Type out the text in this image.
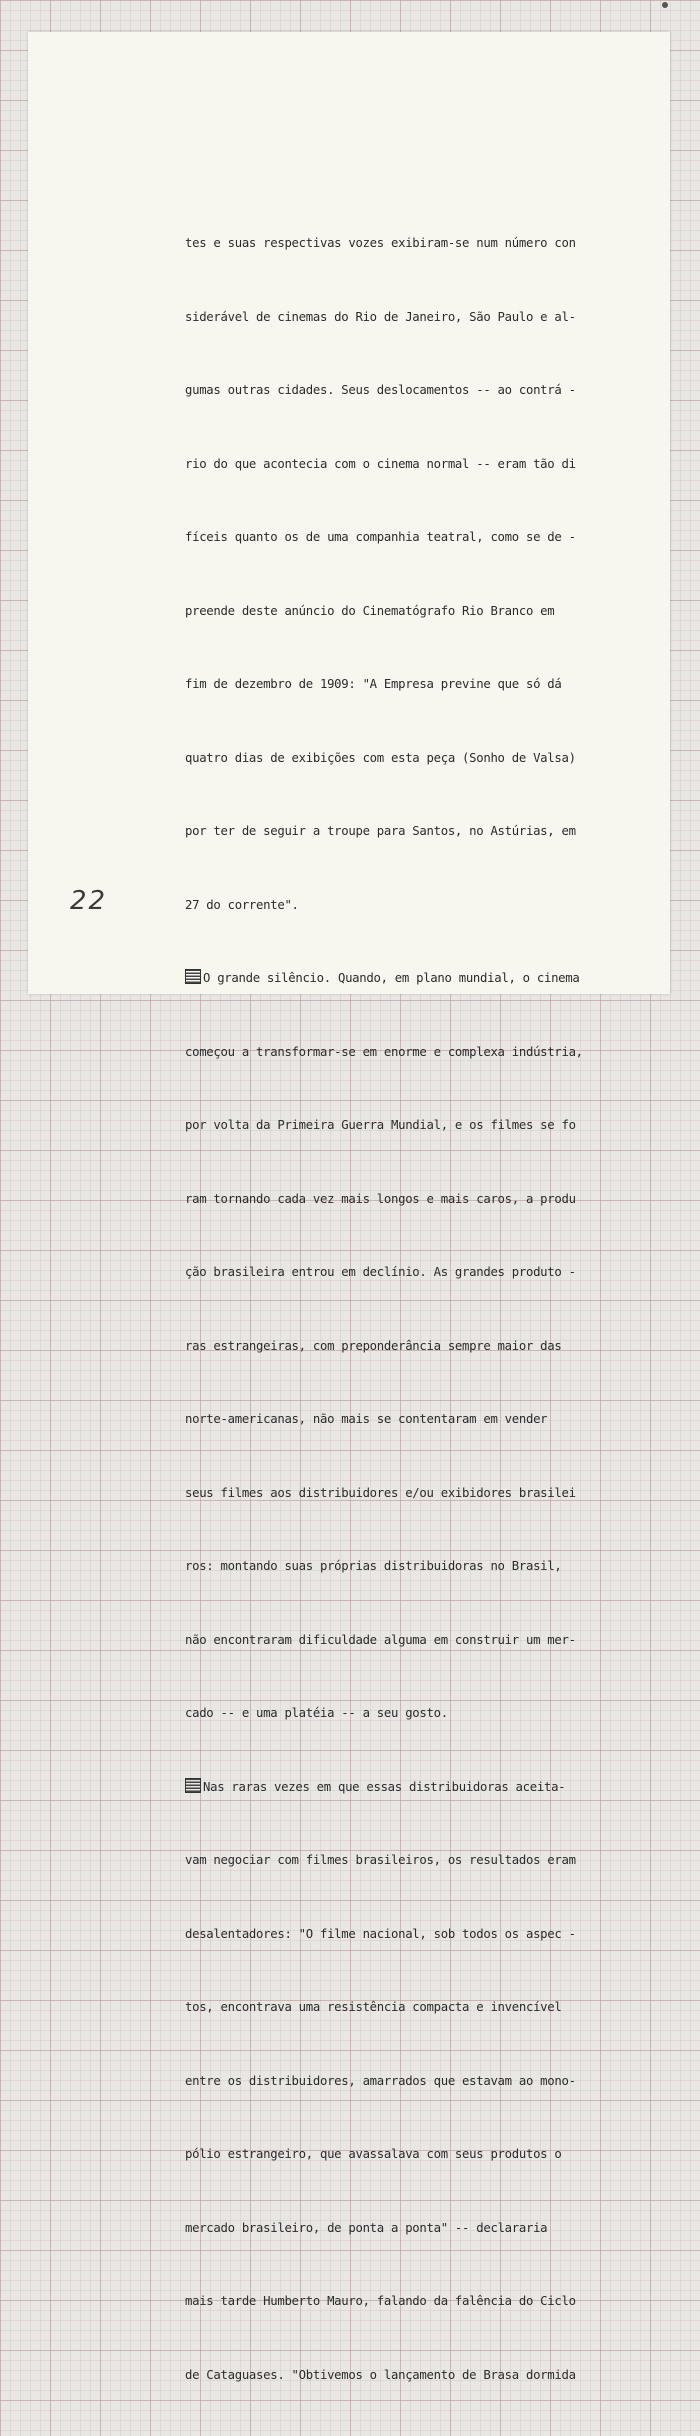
tes e suas respectivas vozes exibiram-se num número con

siderável de cinemas do Rio de Janeiro, São Paulo e al-

gumas outras cidades. Seus deslocamentos -- ao contrá -

rio do que acontecia com o cinema normal -- eram tão di

fíceis quanto os de uma companhia teatral, como se de -

preende deste anúncio do Cinematógrafo Rio Branco em

fim de dezembro de 1909: "A Empresa previne que só dá

quatro dias de exibições com esta peça (Sonho de Valsa)

por ter de seguir a troupe para Santos, no Astúrias, em

27 do corrente".

O grande silêncio. Quando, em plano mundial, o cinema

começou a transformar-se em enorme e complexa indústria,

por volta da Primeira Guerra Mundial, e os filmes se fo

ram tornando cada vez mais longos e mais caros, a produ

ção brasileira entrou em declínio. As grandes produto -

ras estrangeiras, com preponderância sempre maior das

norte-americanas, não mais se contentaram em vender

seus filmes aos distribuidores e/ou exibidores brasilei

ros: montando suas próprias distribuidoras no Brasil,

não encontraram dificuldade alguma em construir um mer-

cado -- e uma platéia -- a seu gosto.

Nas raras vezes em que essas distribuidoras aceita-

vam negociar com filmes brasileiros, os resultados eram

desalentadores: "O filme nacional, sob todos os aspec -

tos, encontrava uma resistência compacta e invencível

entre os distribuidores, amarrados que estavam ao mono-

pólio estrangeiro, que avassalava com seus produtos o

mercado brasileiro, de ponta a ponta" -- declararia

mais tarde Humberto Mauro, falando da falência do Ciclo

de Cataguases. "Obtivemos o lançamento de Brasa dormida

22
